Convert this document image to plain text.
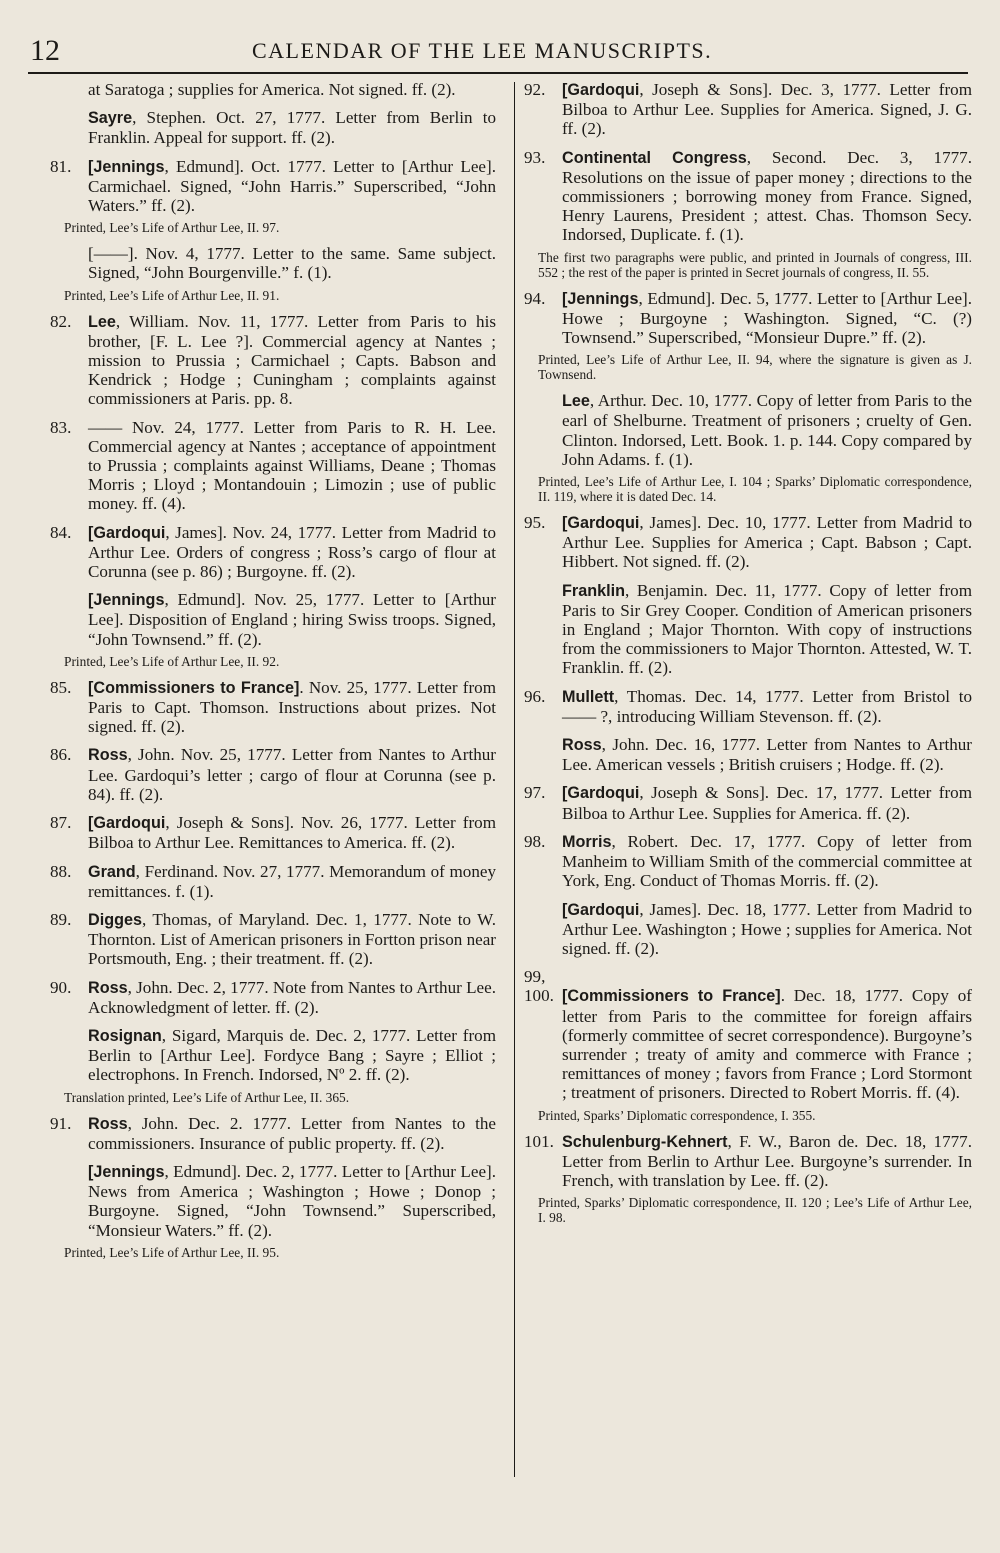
12	CALENDAR OF THE LEE MANUSCRIPTS.

at Saratoga ; supplies for America. Not signed. ff. (2).

Sayre, Stephen. Oct. 27, 1777. Letter from Berlin to Franklin. Appeal for support. ff. (2).

81. [Jennings, Edmund]. Oct. 1777. Letter to [Arthur Lee]. Carmichael. Signed, “John Harris.” Superscribed, “John Waters.” ff. (2).

Printed, Lee’s Life of Arthur Lee, II. 97.

[——]. Nov. 4, 1777. Letter to the same. Same subject. Signed, “John Bourgenville.” f. (1).

Printed, Lee’s Life of Arthur Lee, II. 91.

82. Lee, William. Nov. 11, 1777. Letter from Paris to his brother, [F. L. Lee ?]. Commercial agency at Nantes ; mission to Prussia ; Carmichael ; Capts. Babson and Kendrick ; Hodge ; Cuningham ; complaints against commissioners at Paris. pp. 8.

83. —— Nov. 24, 1777. Letter from Paris to R. H. Lee. Commercial agency at Nantes ; acceptance of appointment to Prussia ; complaints against Williams, Deane ; Thomas Morris ; Lloyd ; Montandouin ; Limozin ; use of public money. ff. (4).

84. [Gardoqui, James]. Nov. 24, 1777. Letter from Madrid to Arthur Lee. Orders of congress ; Ross’s cargo of flour at Corunna (see p. 86) ; Burgoyne. ff. (2).

[Jennings, Edmund]. Nov. 25, 1777. Letter to [Arthur Lee]. Disposition of England ; hiring Swiss troops. Signed, “John Townsend.” ff. (2).

Printed, Lee’s Life of Arthur Lee, II. 92.

85. [Commissioners to France]. Nov. 25, 1777. Letter from Paris to Capt. Thomson. Instructions about prizes. Not signed. ff. (2).

86. Ross, John. Nov. 25, 1777. Letter from Nantes to Arthur Lee. Gardoqui’s letter ; cargo of flour at Corunna (see p. 84). ff. (2).

87. [Gardoqui, Joseph & Sons]. Nov. 26, 1777. Letter from Bilboa to Arthur Lee. Remittances to America. ff. (2).

88. Grand, Ferdinand. Nov. 27, 1777. Memorandum of money remittances. f. (1).

89. Digges, Thomas, of Maryland. Dec. 1, 1777. Note to W. Thornton. List of American prisoners in Fortton prison near Portsmouth, Eng. ; their treatment. ff. (2).

90. Ross, John. Dec. 2, 1777. Note from Nantes to Arthur Lee. Acknowledgment of letter. ff. (2).

Rosignan, Sigard, Marquis de. Dec. 2, 1777. Letter from Berlin to [Arthur Lee]. Fordyce Bang ; Sayre ; Elliot ; electrophons. In French. Indorsed, Nº 2. ff. (2).

Translation printed, Lee’s Life of Arthur Lee, II. 365.

91. Ross, John. Dec. 2. 1777. Letter from Nantes to the commissioners. Insurance of public property. ff. (2).

[Jennings, Edmund]. Dec. 2, 1777. Letter to [Arthur Lee]. News from America ; Washington ; Howe ; Donop ; Burgoyne. Signed, “John Townsend.” Superscribed, “Monsieur Waters.” ff. (2).

Printed, Lee’s Life of Arthur Lee, II. 95.

92. [Gardoqui, Joseph & Sons]. Dec. 3, 1777. Letter from Bilboa to Arthur Lee. Supplies for America. Signed, J. G. ff. (2).

93. Continental Congress, Second. Dec. 3, 1777. Resolutions on the issue of paper money ; directions to the commissioners ; borrowing money from France. Signed, Henry Laurens, President ; attest. Chas. Thomson Secy. Indorsed, Duplicate. f. (1).

The first two paragraphs were public, and printed in Journals of congress, III. 552 ; the rest of the paper is printed in Secret journals of congress, II. 55.

94. [Jennings, Edmund]. Dec. 5, 1777. Letter to [Arthur Lee]. Howe ; Burgoyne ; Washington. Signed, “C. (?) Townsend.” Superscribed, “Monsieur Dupre.” ff. (2).

Printed, Lee’s Life of Arthur Lee, II. 94, where the signature is given as J. Townsend.

Lee, Arthur. Dec. 10, 1777. Copy of letter from Paris to the earl of Shelburne. Treatment of prisoners ; cruelty of Gen. Clinton. Indorsed, Lett. Book. 1. p. 144. Copy compared by John Adams. f. (1).

Printed, Lee’s Life of Arthur Lee, I. 104 ; Sparks’ Diplomatic correspondence, II. 119, where it is dated Dec. 14.

95. [Gardoqui, James]. Dec. 10, 1777. Letter from Madrid to Arthur Lee. Supplies for America ; Capt. Babson ; Capt. Hibbert. Not signed. ff. (2).

Franklin, Benjamin. Dec. 11, 1777. Copy of letter from Paris to Sir Grey Cooper. Condition of American prisoners in England ; Major Thornton. With copy of instructions from the commissioners to Major Thornton. Attested, W. T. Franklin. ff. (2).

96. Mullett, Thomas. Dec. 14, 1777. Letter from Bristol to —— ?, introducing William Stevenson. ff. (2).

Ross, John. Dec. 16, 1777. Letter from Nantes to Arthur Lee. American vessels ; British cruisers ; Hodge. ff. (2).

97. [Gardoqui, Joseph & Sons]. Dec. 17, 1777. Letter from Bilboa to Arthur Lee. Supplies for America. ff. (2).

98. Morris, Robert. Dec. 17, 1777. Copy of letter from Manheim to William Smith of the commercial committee at York, Eng. Conduct of Thomas Morris. ff. (2).

[Gardoqui, James]. Dec. 18, 1777. Letter from Madrid to Arthur Lee. Washington ; Howe ; supplies for America. Not signed. ff. (2).

99, 100. [Commissioners to France]. Dec. 18, 1777. Copy of letter from Paris to the committee for foreign affairs (formerly committee of secret correspondence). Burgoyne’s surrender ; treaty of amity and commerce with France ; remittances of money ; favors from France ; Lord Stormont ; treatment of prisoners. Directed to Robert Morris. ff. (4).

Printed, Sparks’ Diplomatic correspondence, I. 355.

101. Schulenburg-Kehnert, F. W., Baron de. Dec. 18, 1777. Letter from Berlin to Arthur Lee. Burgoyne’s surrender. In French, with translation by Lee. ff. (2).

Printed, Sparks’ Diplomatic correspondence, II. 120 ; Lee’s Life of Arthur Lee, I. 98.
